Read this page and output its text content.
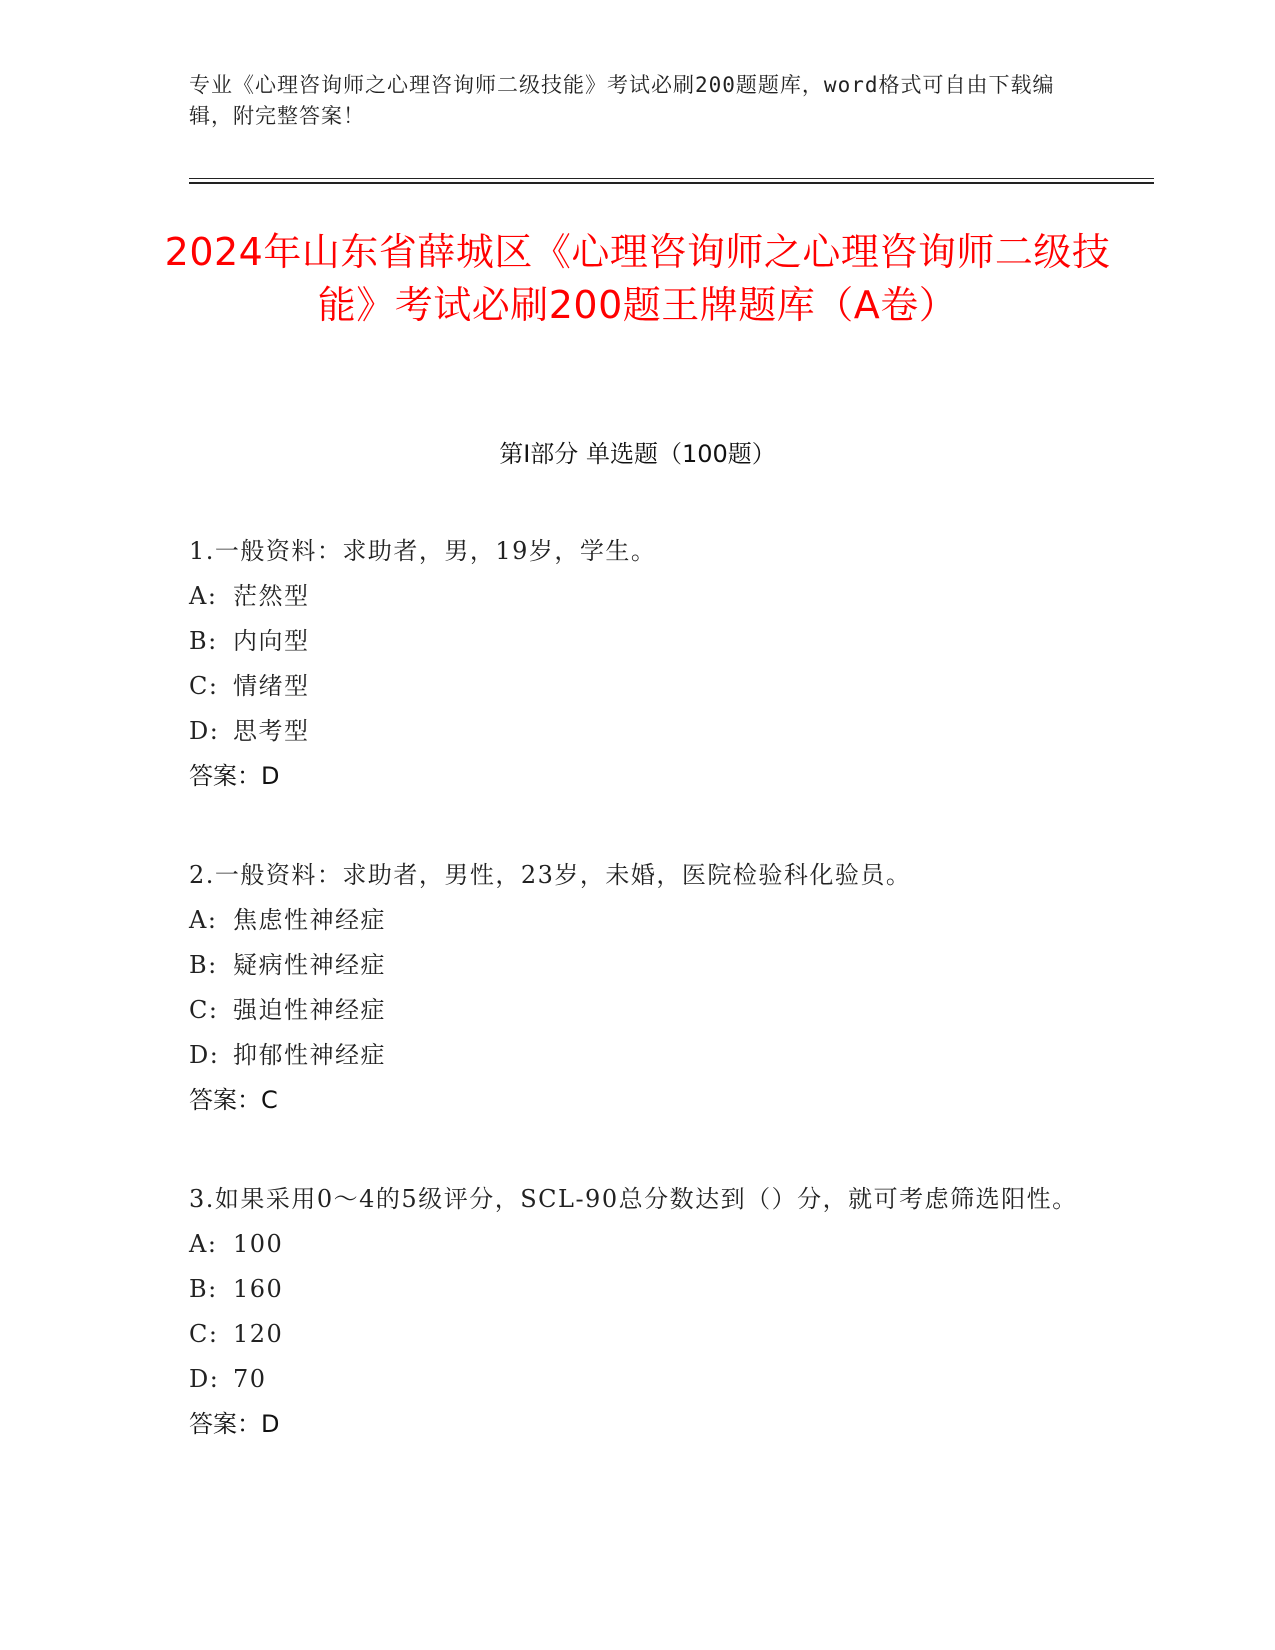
专业《心理咨询师之心理咨询师二级技能》考试必刷200题题库，word格式可自由下载编辑，附完整答案！
2024年山东省薛城区《心理咨询师之心理咨询师二级技能》考试必刷200题王牌题库（A卷）
第I部分 单选题（100题）
1.一般资料：求助者，男，19岁，学生。
A: 茫然型
B: 内向型
C: 情绪型
D: 思考型
答案：D
2.一般资料：求助者，男性，23岁，未婚，医院检验科化验员。
A: 焦虑性神经症
B: 疑病性神经症
C: 强迫性神经症
D: 抑郁性神经症
答案：C
3.如果采用0～4的5级评分，SCL-90总分数达到（）分，就可考虑筛选阳性。
A: 100
B: 160
C: 120
D: 70
答案：D
